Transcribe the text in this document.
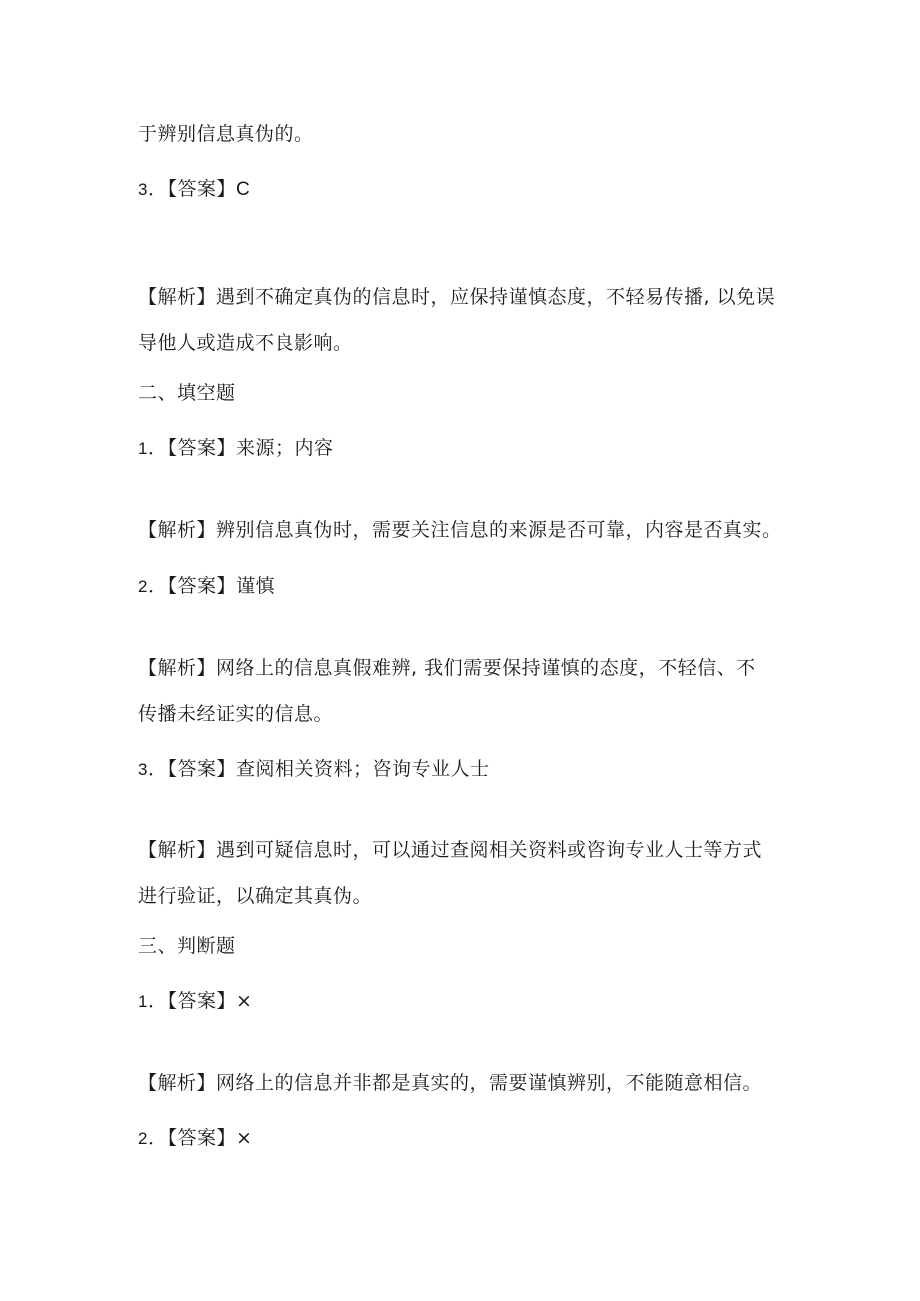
于辨别信息真伪的。
3．【答案】C
【解析】遇到不确定真伪的信息时，应保持谨慎态度，不轻易传播, 以免误
导他人或造成不良影响。
二、填空题
1．【答案】来源；内容
【解析】辨别信息真伪时，需要关注信息的来源是否可靠，内容是否真实。
2．【答案】谨慎
【解析】网络上的信息真假难辨, 我们需要保持谨慎的态度，不轻信、不
传播未经证实的信息。
3．【答案】查阅相关资料；咨询专业人士
【解析】遇到可疑信息时，可以通过查阅相关资料或咨询专业人士等方式
进行验证，以确定其真伪。
三、判断题
1．【答案】×
【解析】网络上的信息并非都是真实的，需要谨慎辨别，不能随意相信。
2．【答案】×
